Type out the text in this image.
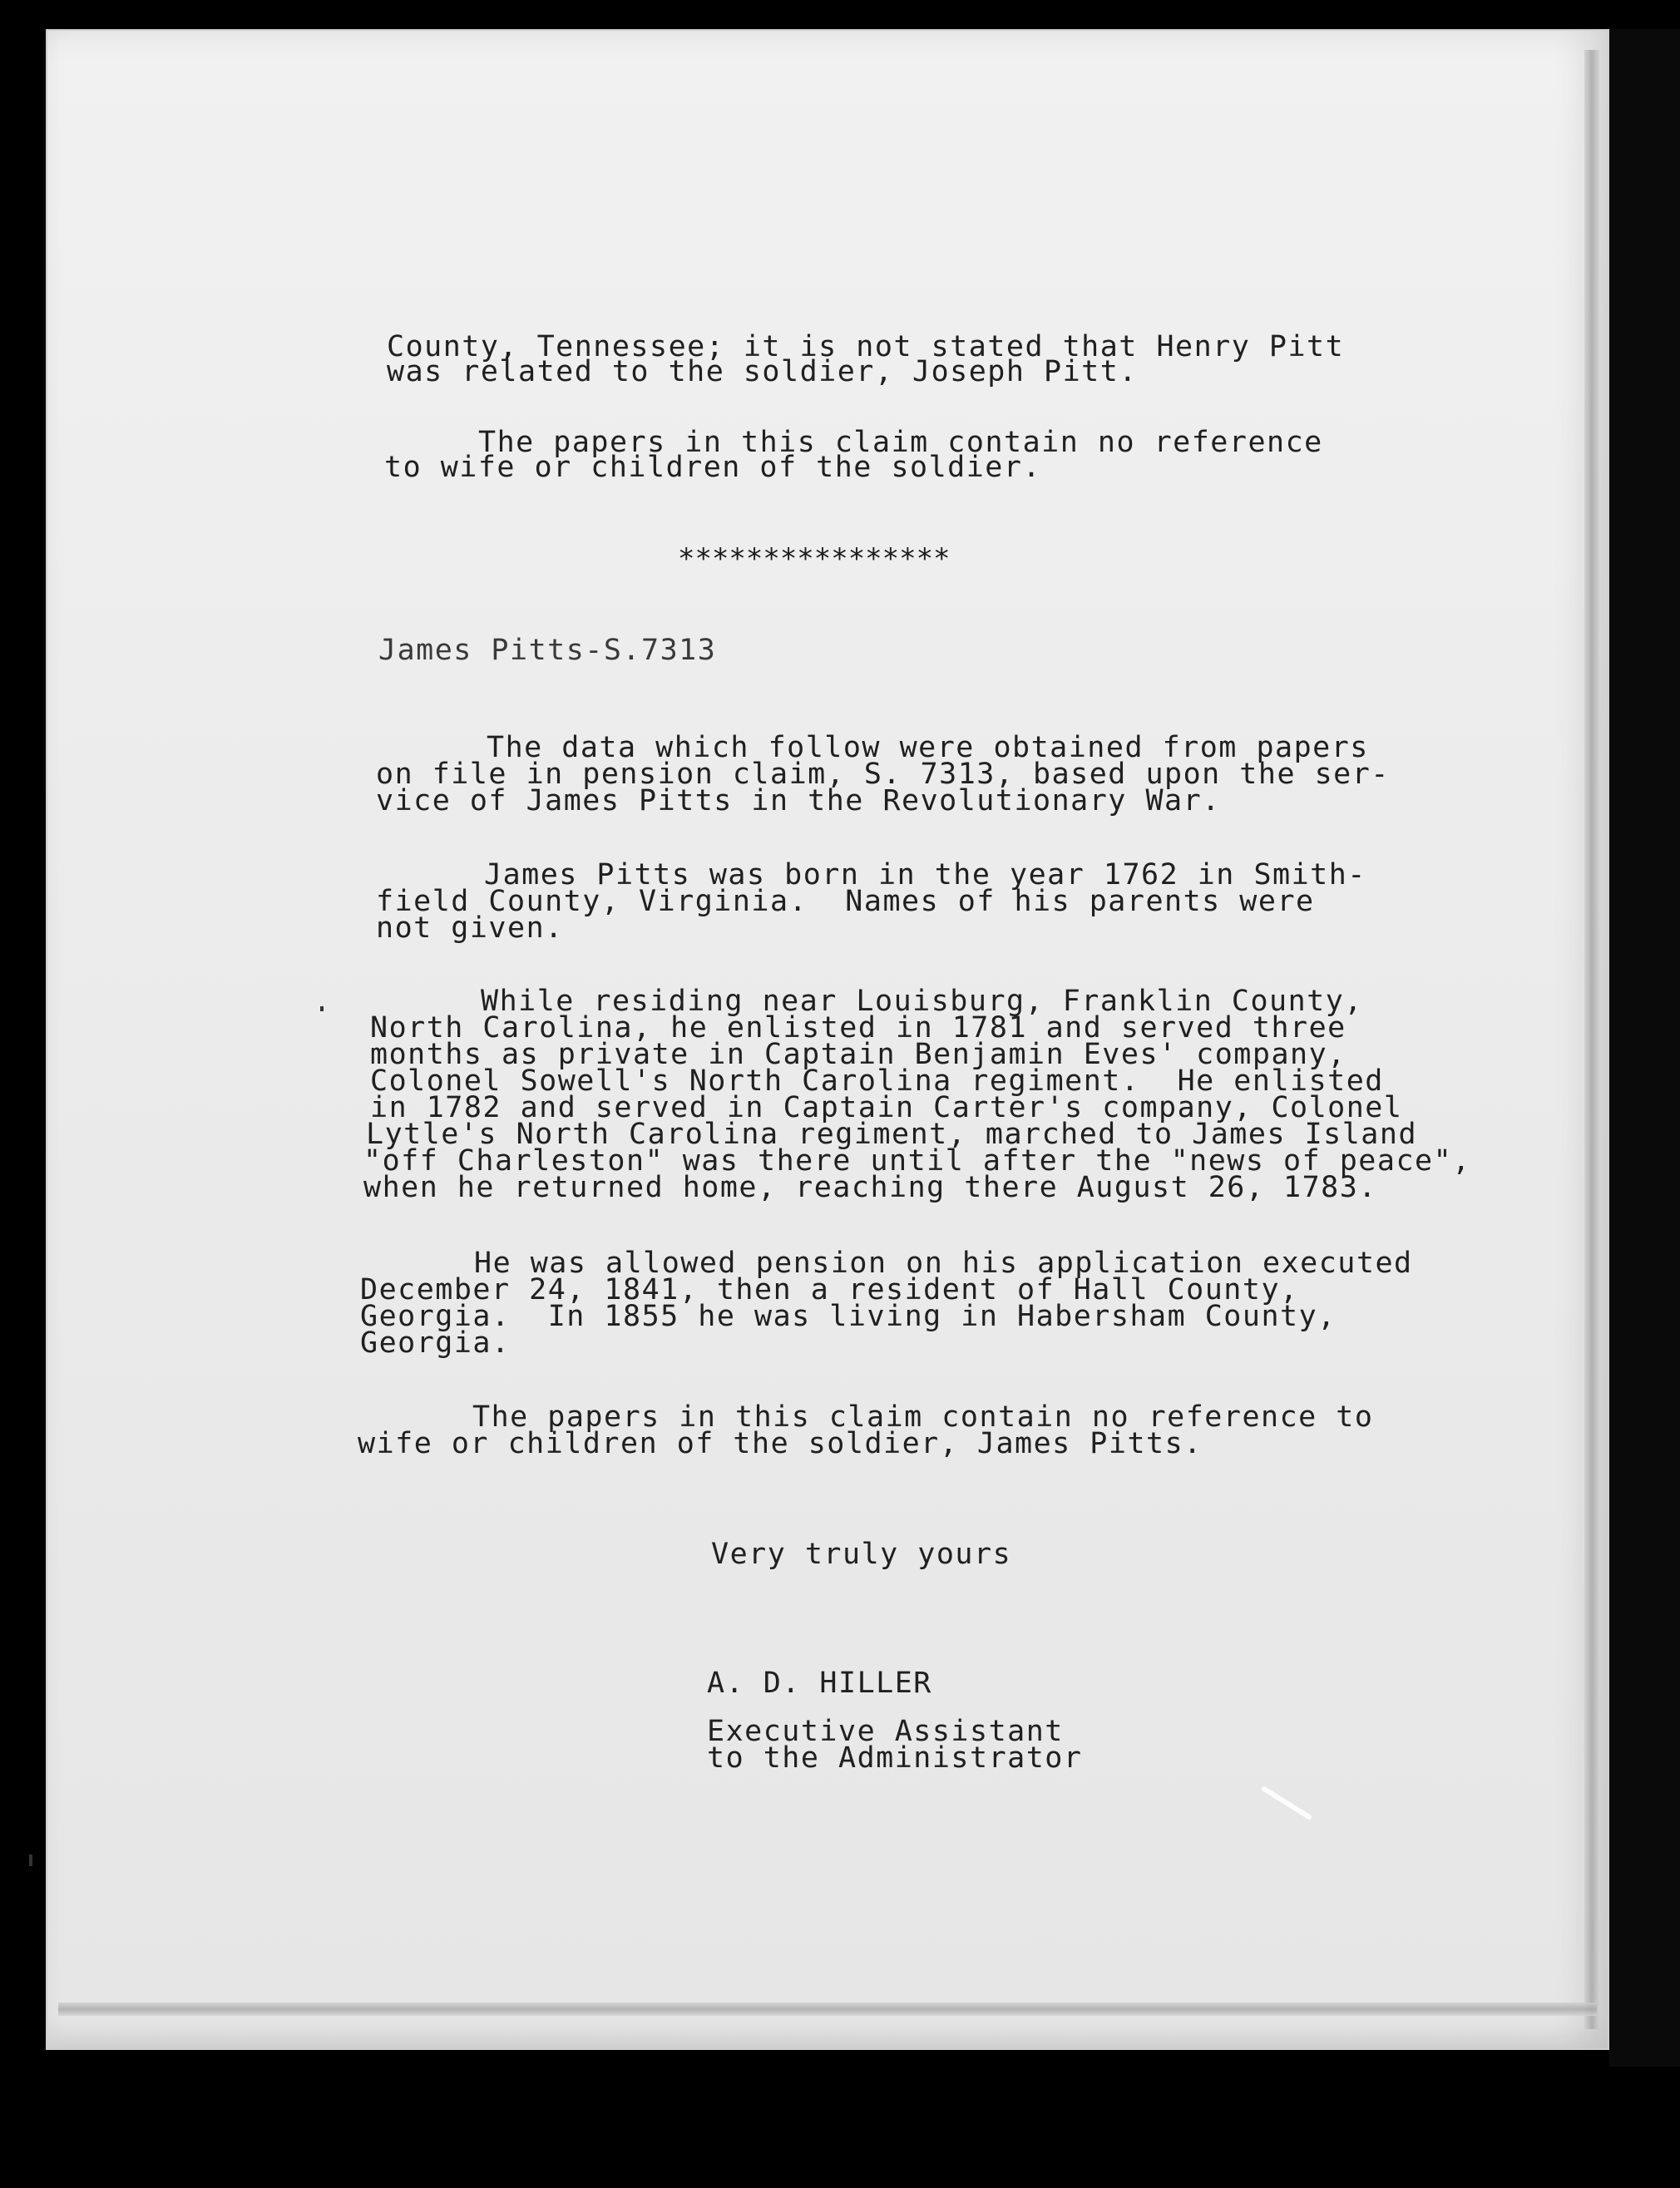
County, Tennessee; it is not stated that Henry Pitt
was related to the soldier, Joseph Pitt.
The papers in this claim contain no reference
to wife or children of the soldier.
****************
James Pitts-S.7313
The data which follow were obtained from papers
on file in pension claim, S. 7313, based upon the ser-
vice of James Pitts in the Revolutionary War.
James Pitts was born in the year 1762 in Smith-
field County, Virginia.  Names of his parents were
not given.
While residing near Louisburg, Franklin County,
North Carolina, he enlisted in 1781 and served three
months as private in Captain Benjamin Eves' company,
Colonel Sowell's North Carolina regiment.  He enlisted
in 1782 and served in Captain Carter's company, Colonel
Lytle's North Carolina regiment, marched to James Island
"off Charleston" was there until after the "news of peace",
when he returned home, reaching there August 26, 1783.
He was allowed pension on his application executed
December 24, 1841, then a resident of Hall County,
Georgia.  In 1855 he was living in Habersham County,
Georgia.
The papers in this claim contain no reference to
wife or children of the soldier, James Pitts.
Very truly yours
A. D. HILLER
Executive Assistant
to the Administrator
